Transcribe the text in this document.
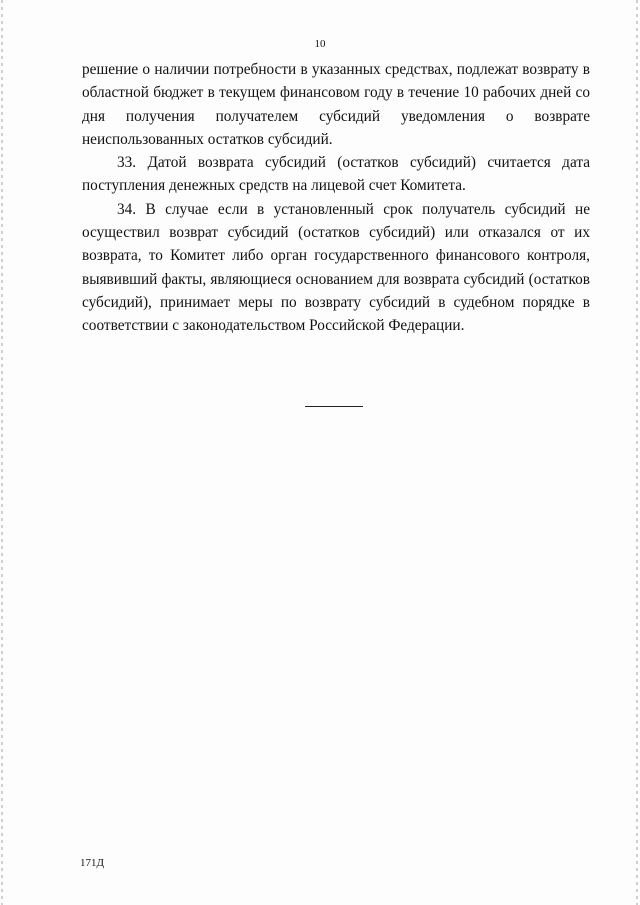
10

решение о наличии потребности в указанных средствах, подлежат возврату в областной бюджет в текущем финансовом году в течение 10 рабочих дней со дня получения получателем субсидий уведомления о возврате неиспользованных остатков субсидий.

33. Датой возврата субсидий (остатков субсидий) считается дата поступления денежных средств на лицевой счет Комитета.

34. В случае если в установленный срок получатель субсидий не осуществил возврат субсидий (остатков субсидий) или отказался от их возврата, то Комитет либо орган государственного финансового контроля, выявивший факты, являющиеся основанием для возврата субсидий (остатков субсидий), принимает меры по возврату субсидий в судебном порядке в соответствии с законодательством Российской Федерации.

171Д
